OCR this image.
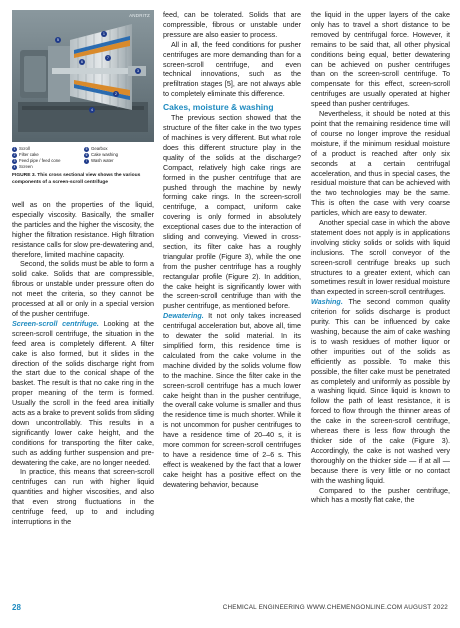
1
2
3
4
5
6
7
ANDRITZ
1 Scroll
2 Filter cake
3 Feed pipe / feed cone
4 Screen
5 Gearbox
6 Cake washing
7 Wash water
FIGURE 3. This cross sectional view shows the various components of a screen-scroll centrifuge

well as on the properties of the liquid, especially viscosity. Basically, the smaller the particles and the higher the viscosity, the higher the filtration resistance. High filtration resistance calls for slow pre-dewatering and, therefore, limited machine capacity.

Second, the solids must be able to form a solid cake. Solids that are compressible, fibrous or unstable under pressure often do not meet the criteria, so they cannot be processed at all or only in a special version of the pusher centrifuge.

Screen-scroll centrifuge. Looking at the screen-scroll centrifuge, the situation in the feed area is completely different. A filter cake is also formed, but it slides in the direction of the solids discharge right from the start due to the conical shape of the basket. The result is that no cake ring in the proper meaning of the term is formed. Usually the scroll in the feed area initially acts as a brake to prevent solids from sliding down uncontrollably. This results in a significantly lower cake height, and the conditions for transporting the filter cake, such as adding further suspension and pre-dewatering the cake, are no longer needed.

In practice, this means that screen-scroll centrifuges can run with higher liquid quantities and higher viscosities, and also that even strong fluctuations in the centrifuge feed, up to and including interruptions in the

feed, can be tolerated. Solids that are compressible, fibrous or unstable under pressure are also easier to process.

All in all, the feed conditions for pusher centrifuges are more demanding than for a screen-scroll centrifuge, and even technical innovations, such as the prefiltration stages [5], are not always able to completely eliminate this difference.

Cakes, moisture & washing

The previous section showed that the structure of the filter cake in the two types of machines is very different. But what role does this different structure play in the quality of the solids at the discharge? Compact, relatively high cake rings are formed in the pusher centrifuge that are pushed through the machine by newly forming cake rings. In the screen-scroll centrifuge, a compact, uniform cake covering is only formed in absolutely exceptional cases due to the interaction of sliding and conveying. Viewed in cross-section, its filter cake has a roughly triangular profile (Figure 3), while the one from the pusher centrifuge has a roughly rectangular profile (Figure 2). In addition, the cake height is significantly lower with the screen-scroll centrifuge than with the pusher centrifuge, as mentioned before.

Dewatering. It not only takes increased centrifugal acceleration but, above all, time to dewater the solid material. In its simplified form, this residence time is calculated from the cake volume in the machine divided by the solids volume flow to the machine. Since the filter cake in the screen-scroll centrifuge has a much lower cake height than in the pusher centrifuge, the overall cake volume is smaller and thus the residence time is much shorter. While it is not uncommon for pusher centrifuges to have a residence time of 20–40 s, it is more common for screen-scroll centrifuges to have a residence time of 2–6 s. This effect is weakened by the fact that a lower cake height has a positive effect on the dewatering behavior, because

the liquid in the upper layers of the cake only has to travel a short distance to be removed by centrifugal force. However, it remains to be said that, all other physical conditions being equal, better dewatering can be achieved on pusher centrifuges than on the screen-scroll centrifuge. To compensate for this effect, screen-scroll centrifuges are usually operated at higher speed than pusher centrifuges.

Nevertheless, it should be noted at this point that the remaining residence time will of course no longer improve the residual moisture, if the minimum residual moisture of a product is reached after only six seconds at a certain centrifugal acceleration, and thus in special cases, the residual moisture that can be achieved with the two technologies may be the same. This is often the case with very coarse particles, which are easy to dewater.

Another special case in which the above statement does not apply is in applications involving sticky solids or solids with liquid inclusions. The scroll conveyor of the screen-scroll centrifuge breaks up such structures to a greater extent, which can sometimes result in lower residual moisture than expected in screen-scroll centrifuges.

Washing. The second common quality criterion for solids discharge is product purity. This can be influenced by cake washing, because the aim of cake washing is to wash residues of mother liquor or other impurities out of the solids as efficiently as possible. To make this possible, the filter cake must be penetrated as completely and uniformly as possible by a washing liquid. Since liquid is known to follow the path of least resistance, it is forced to flow through the thinner areas of the cake in the screen-scroll centrifuge, whereas there is less flow through the thicker side of the cake (Figure 3). Accordingly, the cake is not washed very thoroughly on the thicker side — if at all — because there is very little or no contact with the washing liquid.

Compared to the pusher centrifuge, which has a mostly flat cake, the

28	CHEMICAL ENGINEERING WWW.CHEMENGONLINE.COM AUGUST 2022
